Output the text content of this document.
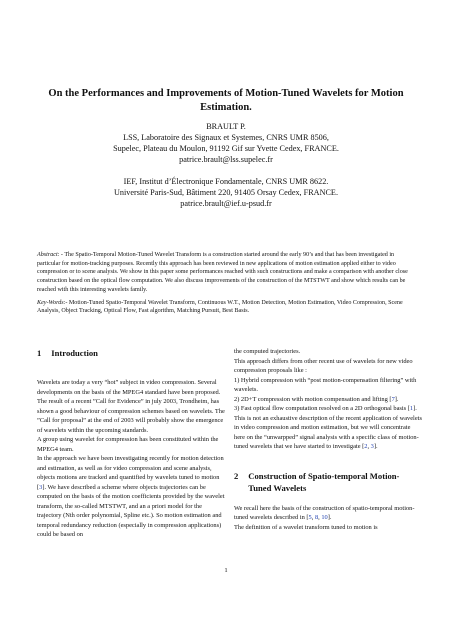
On the Performances and Improvements of Motion-Tuned Wavelets for Motion Estimation.
BRAULT P.
LSS, Laboratoire des Signaux et Systemes, CNRS UMR 8506,
Supelec, Plateau du Moulon, 91192 Gif sur Yvette Cedex, FRANCE.
patrice.brault@lss.supelec.fr
IEF, Institut d’Électronique Fondamentale, CNRS UMR 8622.
Université Paris-Sud, Bâtiment 220, 91405 Orsay Cedex, FRANCE.
patrice.brault@ief.u-psud.fr

Abstract: - The Spatio-Temporal Motion-Tuned Wavelet Transform is a construction started around the early 90’s and that has been investigated in particular for motion-tracking purposes. Recently this approach has been reviewed in new applications of motion estimation applied either to video compression or to scene analysis. We show in this paper some performances reached with such constructions and make a comparison with another close construction based on the optical flow computation. We also discuss improvements of the construction of the MTSTWT and show which results can be reached with this interesting wavelets family.

Key-Words:- Motion-Tuned Spatio-Temporal Wavelet Transform, Continuous W.T., Motion Detection, Motion Estimation, Video Compression, Scene Analysis, Object Tracking, Optical Flow, Fast algorithm, Matching Pursuit, Best Basis.

1 Introduction

Wavelets are today a very “hot” subject in video compression. Several developments on the basis of the MPEG4 standard have been proposed. The result of a recent ”Call for Evidence” in july 2003, Trondheim, has shown a good behaviour of compression schemes based on wavelets. The ”Call for proposal” at the end of 2003 will probably show the emergence of wavelets within the upcoming standards.

A group using wavelet for compression has been constituted within the MPEG4 team.

In the approach we have been investigating recently for motion detection and estimation, as well as for video compression and scene analysis, objects motions are tracked and quantified by wavelets tuned to motion [3]. We have described a scheme where objects trajectories can be computed on the basis of the motion coefficients provided by the wavelet transform, the so-called MTSTWT, and an a priori model for the trajectory (Nth order polynomial, Spline etc.). So motion estimation and temporal redundancy reduction (especially in compression applications) could be based on

the computed trajectories.

This approach differs from other recent use of wavelets for new video compression proposals like :

1) Hybrid compression with “post motion-compensation filtering” with wavelets.

2) 2D+T compression with motion compensation and lifting [7].

3) Fast optical flow computation resolved on a 2D orthogonal basis [1].

This is not an exhaustive description of the recent application of wavelets in video compression and motion estimation, but we will concentrate here on the “unwarpped” signal analysis with a specific class of motion-tuned wavelets that we have started to investigate [2, 3].

2 Construction of Spatio-temporal Motion-Tuned Wavelets

We recall here the basis of the construction of spatio-temporal motion-tuned wavelets described in [5, 8, 10].

The definition of a wavelet transform tuned to motion is

1
